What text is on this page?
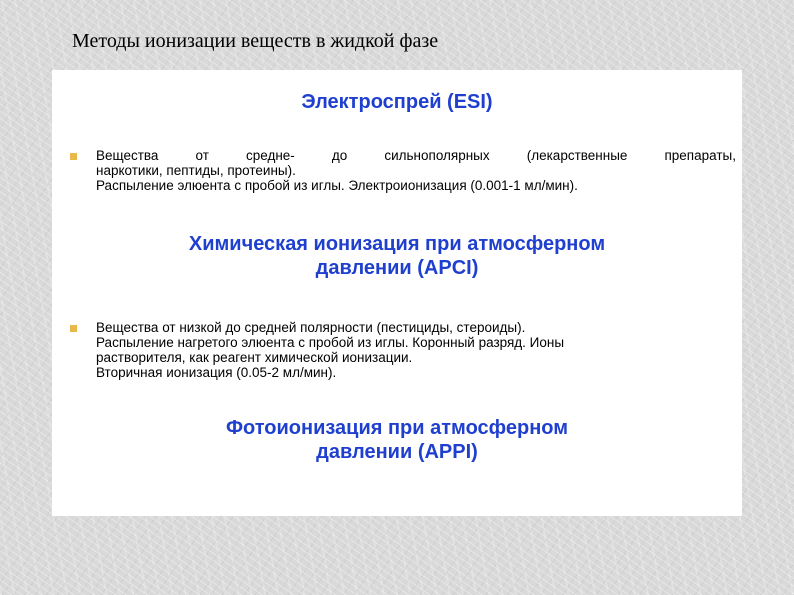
Методы ионизации веществ в жидкой фазе
Электроспрей (ESI)
Вещества от средне- до сильнополярных (лекарственные препараты,
наркотики, пептиды, протеины).
Распыление элюента с пробой из иглы. Электроионизация (0.001-1 мл/мин).
Химическая ионизация при атмосферном
давлении (APCI)
Вещества от низкой до средней полярности (пестициды, стероиды).
Распыление нагретого элюента с пробой из иглы. Коронный разряд. Ионы
растворителя, как реагент химической ионизации.
Вторичная ионизация (0.05-2 мл/мин).
Фотоионизация при атмосферном
давлении (APPI)
